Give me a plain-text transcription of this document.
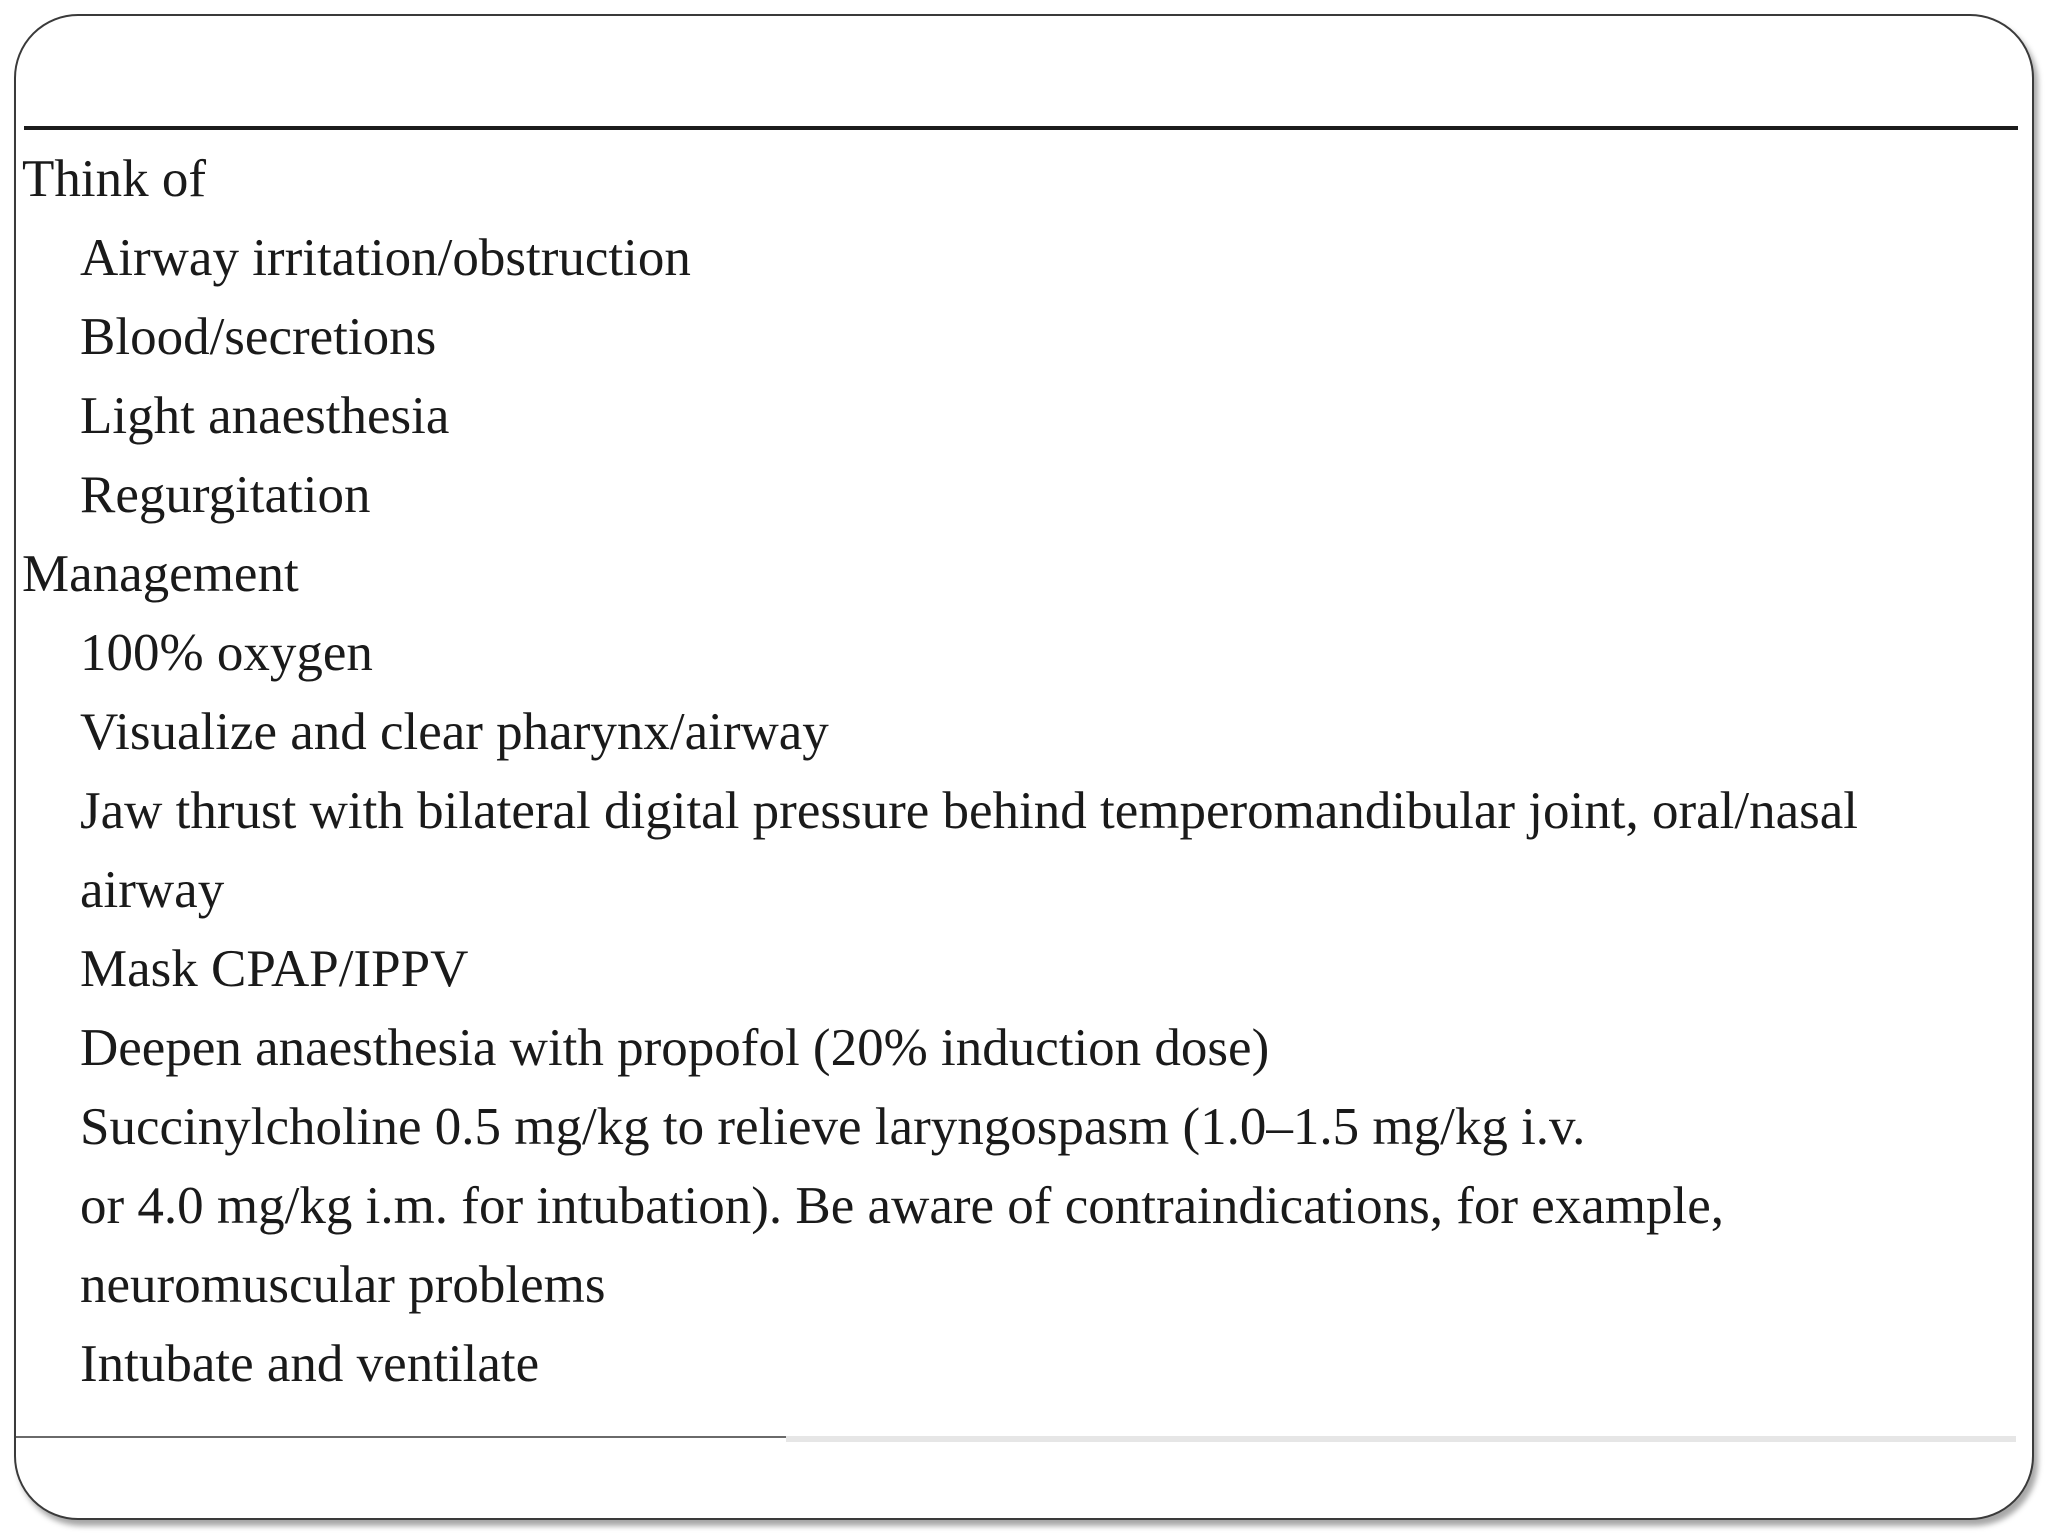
Think of
Airway irritation/obstruction
Blood/secretions
Light anaesthesia
Regurgitation
Management
100% oxygen
Visualize and clear pharynx/airway
Jaw thrust with bilateral digital pressure behind temperomandibular joint, oral/nasal
airway
Mask CPAP/IPPV
Deepen anaesthesia with propofol (20% induction dose)
Succinylcholine 0.5 mg/kg to relieve laryngospasm (1.0–1.5 mg/kg i.v.
or 4.0 mg/kg i.m. for intubation). Be aware of contraindications, for example,
neuromuscular problems
Intubate and ventilate
